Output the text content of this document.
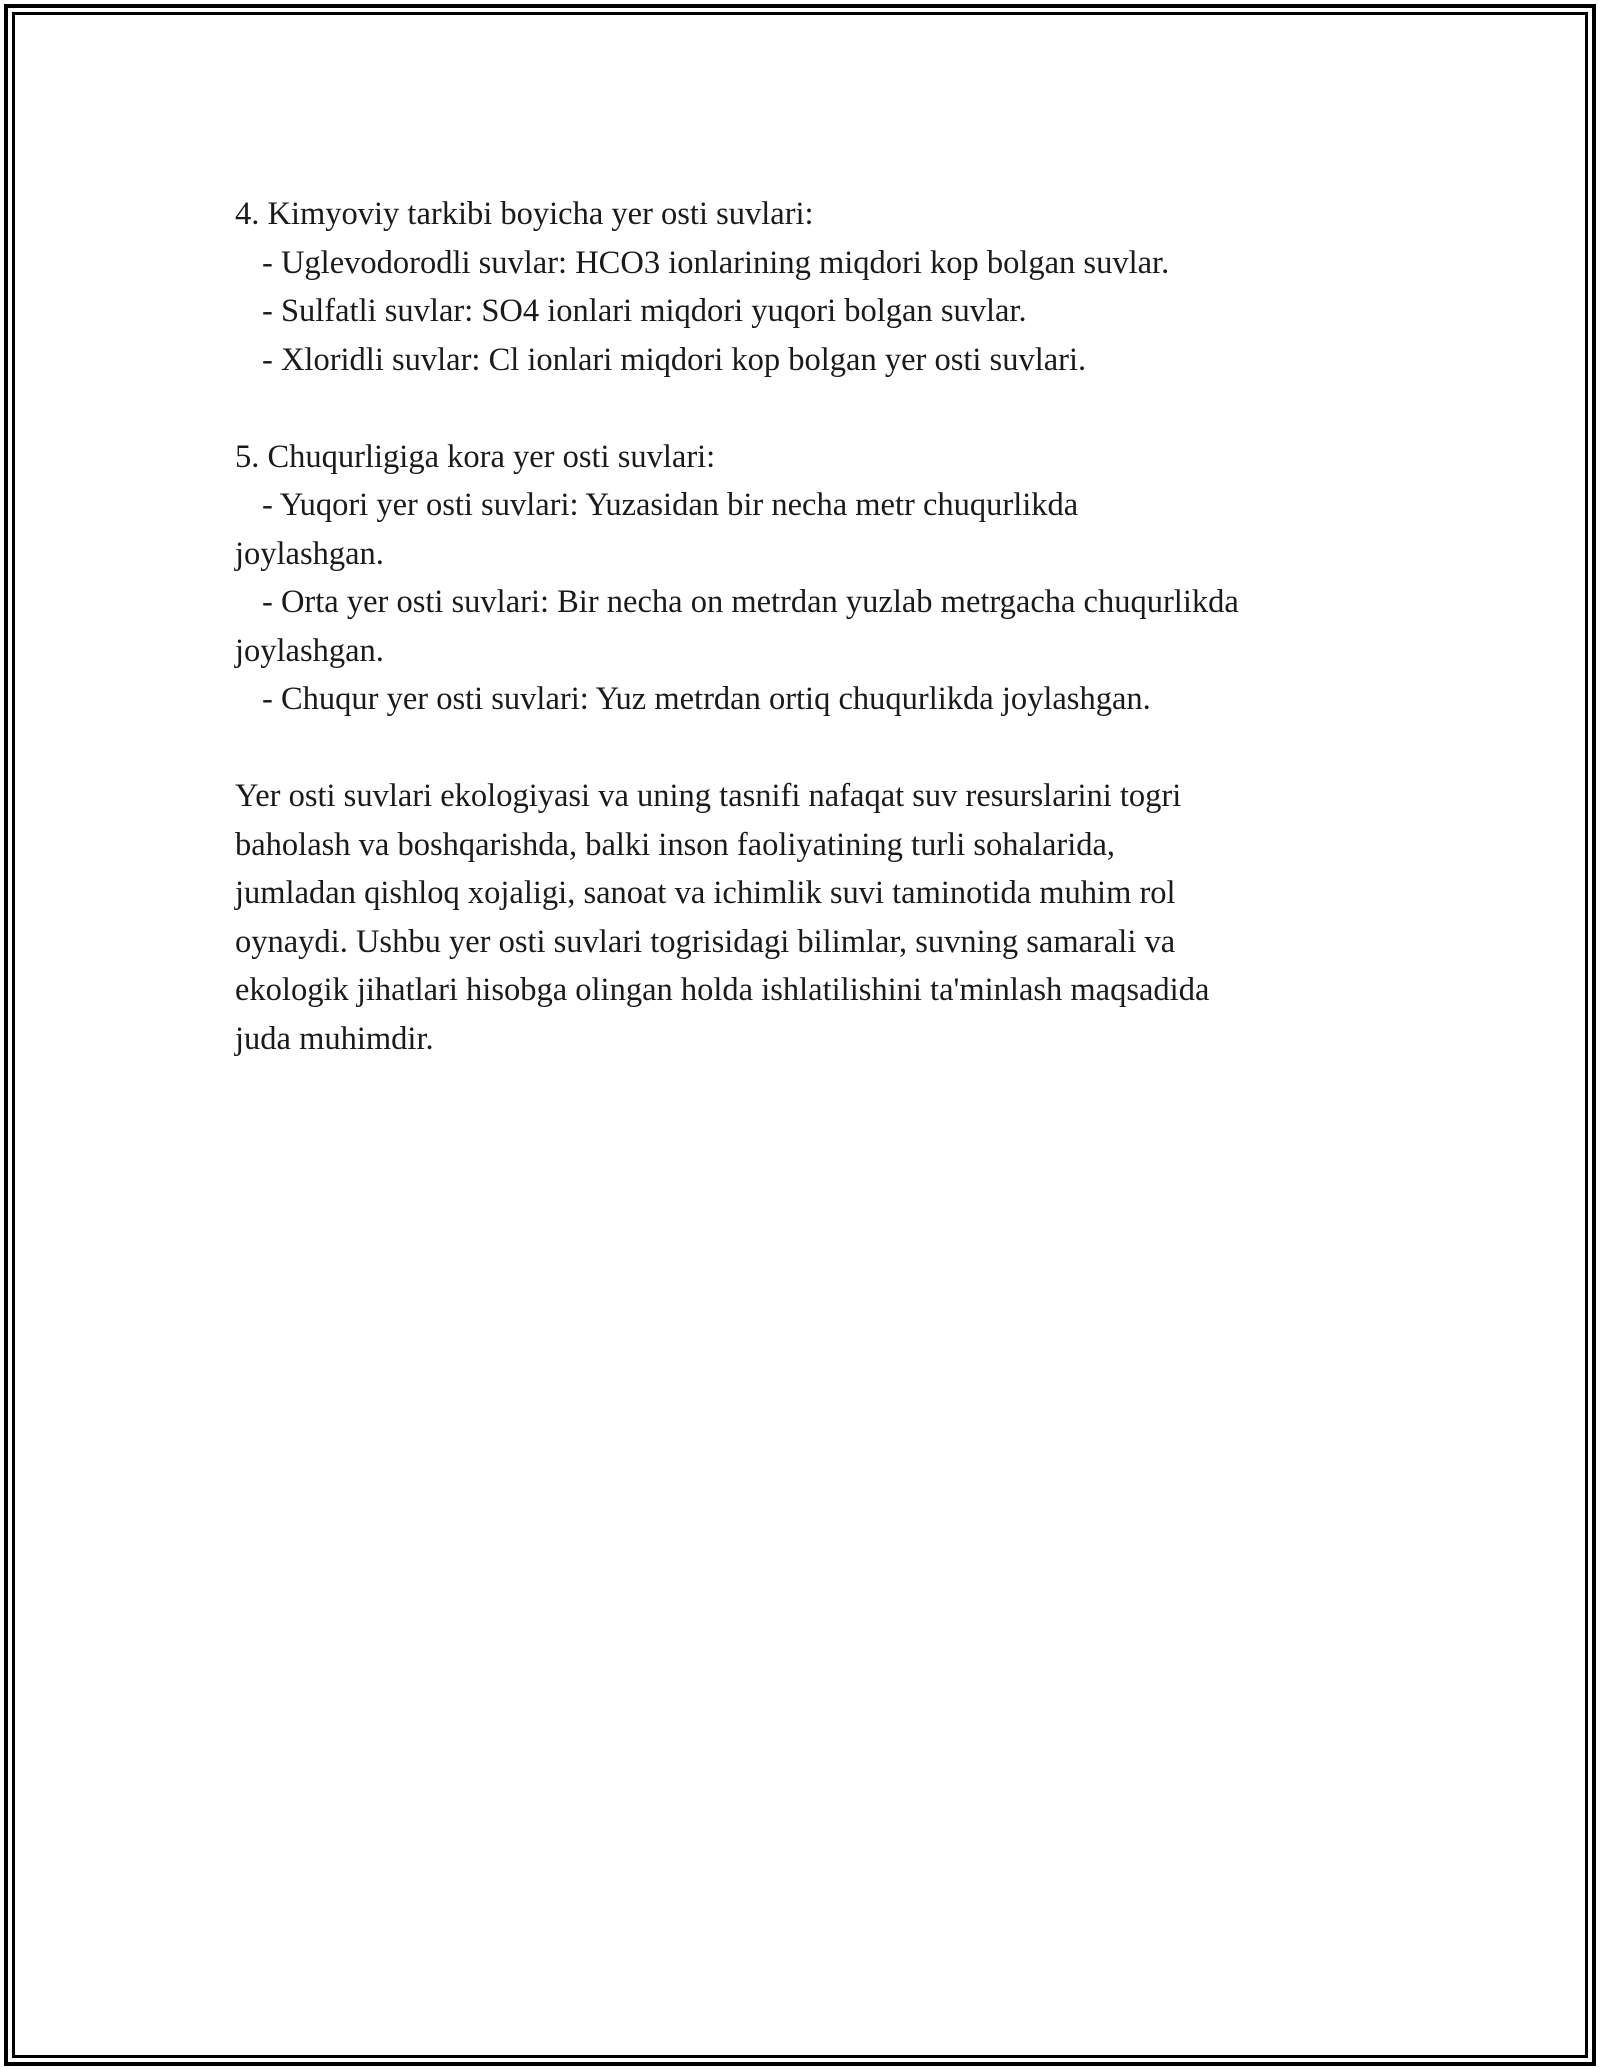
4. Kimyoviy tarkibi boyicha yer osti suvlari:

- Uglevodorodli suvlar: HCO3 ionlarining miqdori kop bolgan suvlar.

- Sulfatli suvlar: SO4 ionlari miqdori yuqori bolgan suvlar.

- Xloridli suvlar: Cl ionlari miqdori kop bolgan yer osti suvlari.

5. Chuqurligiga kora yer osti suvlari:

- Yuqori yer osti suvlari: Yuzasidan bir necha metr chuqurlikda

joylashgan.

- Orta yer osti suvlari: Bir necha on metrdan yuzlab metrgacha chuqurlikda

joylashgan.

- Chuqur yer osti suvlari: Yuz metrdan ortiq chuqurlikda joylashgan.

Yer osti suvlari ekologiyasi va uning tasnifi nafaqat suv resurslarini togri

baholash va boshqarishda, balki inson faoliyatining turli sohalarida,

jumladan qishloq xojaligi, sanoat va ichimlik suvi taminotida muhim rol

oynaydi. Ushbu yer osti suvlari togrisidagi bilimlar, suvning samarali va

ekologik jihatlari hisobga olingan holda ishlatilishini ta'minlash maqsadida

juda muhimdir.
